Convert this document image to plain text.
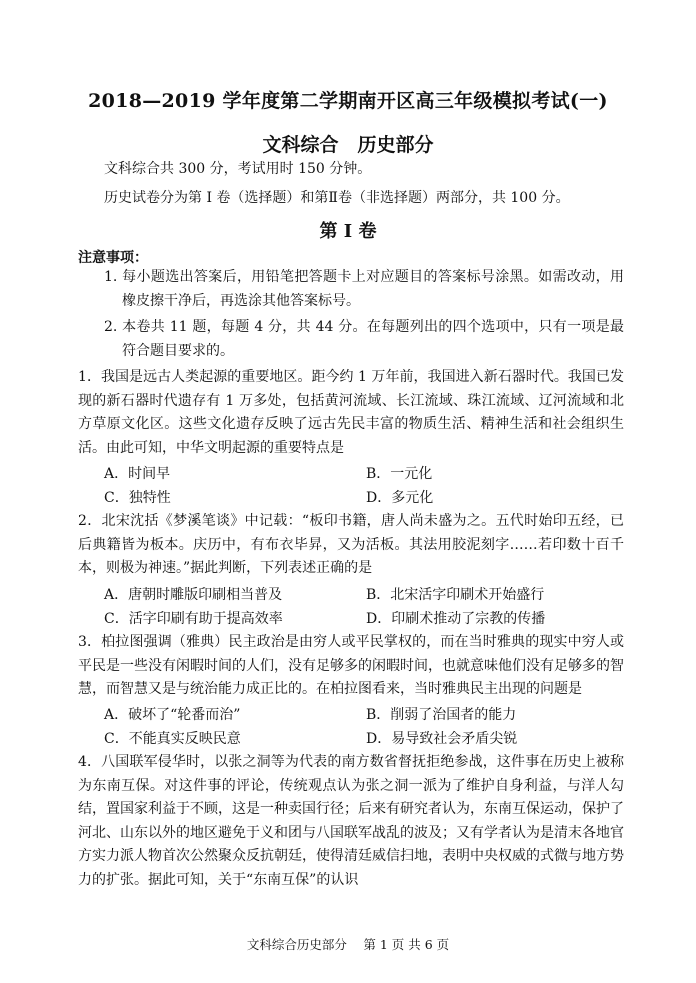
2018—2019 学年度第二学期南开区高三年级模拟考试(一)
文科综合　历史部分
文科综合共 300 分，考试用时 150 分钟。
历史试卷分为第 I 卷（选择题）和第Ⅱ卷（非选择题）两部分，共 100 分。
第 I 卷
注意事项：
1. 每小题选出答案后，用铅笔把答题卡上对应题目的答案标号涂黑。如需改动，用橡皮擦干净后，再选涂其他答案标号。
2. 本卷共 11 题，每题 4 分，共 44 分。在每题列出的四个选项中，只有一项是最符合题目要求的。
1．我国是远古人类起源的重要地区。距今约 1 万年前，我国进入新石器时代。我国已发现的新石器时代遗存有 1 万多处，包括黄河流域、长江流域、珠江流域、辽河流域和北方草原文化区。这些文化遗存反映了远古先民丰富的物质生活、精神生活和社会组织生活。由此可知，中华文明起源的重要特点是
A．时间早	B．一元化
C．独特性	D．多元化
2．北宋沈括《梦溪笔谈》中记载：“板印书籍，唐人尚未盛为之。五代时始印五经，已后典籍皆为板本。庆历中，有布衣毕昇，又为活板。其法用胶泥刻字……若印数十百千本，则极为神速。”据此判断，下列表述正确的是
A．唐朝时雕版印刷相当普及	B．北宋活字印刷术开始盛行
C．活字印刷有助于提高效率	D．印刷术推动了宗教的传播
3．柏拉图强调（雅典）民主政治是由穷人或平民掌权的，而在当时雅典的现实中穷人或平民是一些没有闲暇时间的人们，没有足够多的闲暇时间，也就意味他们没有足够多的智慧，而智慧又是与统治能力成正比的。在柏拉图看来，当时雅典民主出现的问题是
A．破坏了“轮番而治”	B．削弱了治国者的能力
C．不能真实反映民意	D．易导致社会矛盾尖锐
4．八国联军侵华时，以张之洞等为代表的南方数省督抚拒绝参战，这件事在历史上被称为东南互保。对这件事的评论，传统观点认为张之洞一派为了维护自身利益，与洋人勾结，置国家利益于不顾，这是一种卖国行径；后来有研究者认为，东南互保运动，保护了河北、山东以外的地区避免于义和团与八国联军战乱的波及；又有学者认为是清末各地官方实力派人物首次公然聚众反抗朝廷，使得清廷威信扫地，表明中央权威的式微与地方势力的扩张。据此可知，关于“东南互保”的认识
文科综合历史部分　 第 1 页 共 6 页
